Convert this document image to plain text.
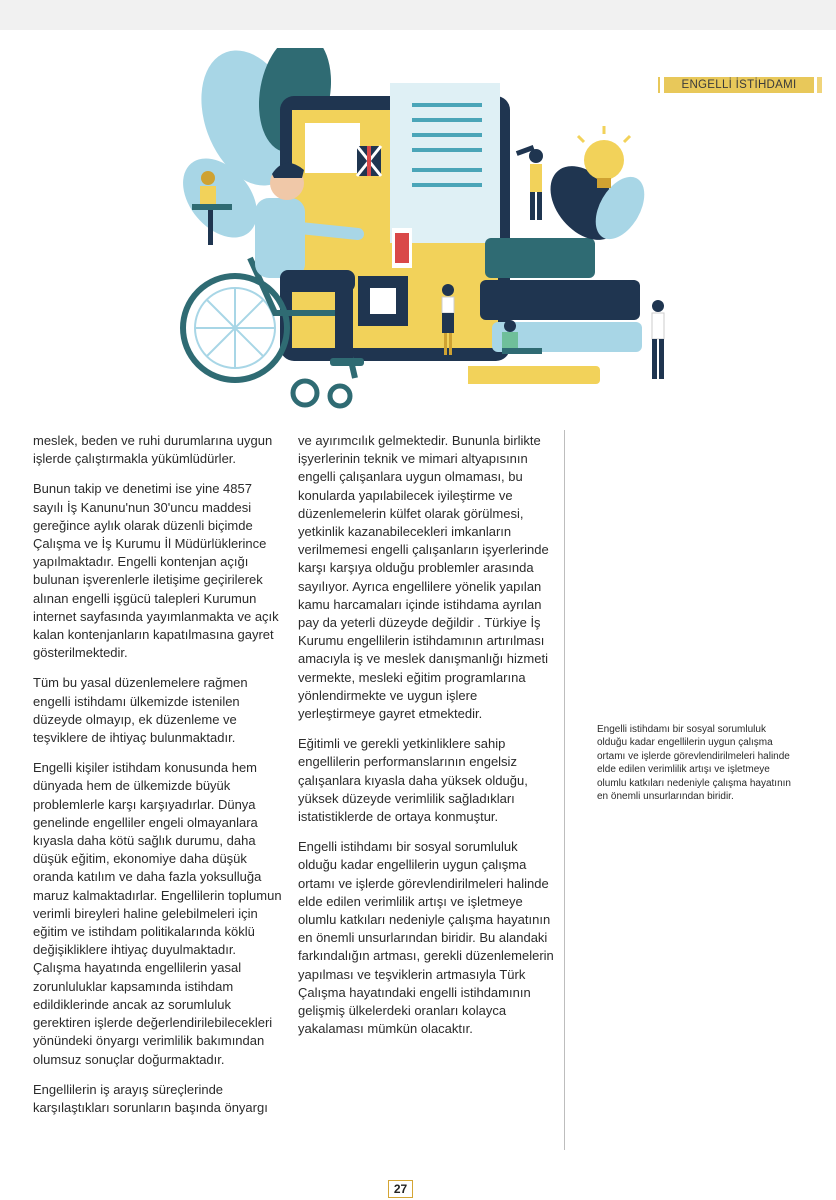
ENGELLİ İSTİHDAMI

meslek, beden ve ruhi durumlarına uygun işlerde çalıştırmakla yükümlüdürler.

Bunun takip ve denetimi ise yine 4857 sayılı İş Kanunu'nun 30'uncu maddesi gereğince aylık olarak düzenli biçimde Çalışma ve İş Kurumu İl Müdürlüklerince yapılmaktadır. Engelli kontenjan açığı bulunan işverenlerle iletişime geçirilerek alınan engelli işgücü talepleri Kurumun internet sayfasında yayımlanmakta ve açık kalan kontenjanların kapatılmasına gayret gösterilmektedir.

Tüm bu yasal düzenlemelere rağmen engelli istihdamı ülkemizde istenilen düzeyde olmayıp, ek düzenleme ve teşviklere de ihtiyaç bulunmaktadır.

Engelli kişiler istihdam konusunda hem dünyada hem de ülkemizde büyük problemlerle karşı karşıyadırlar. Dünya genelinde engelliler engeli olmayanlara kıyasla daha kötü sağlık durumu, daha düşük eğitim, ekonomiye daha düşük oranda katılım ve daha fazla yoksulluğa maruz kalmaktadırlar. Engellilerin toplumun verimli bireyleri haline gelebilmeleri için eğitim ve istihdam politikalarında köklü değişikliklere ihtiyaç duyulmaktadır. Çalışma hayatında engellilerin yasal zorunluluklar kapsamında istihdam edildiklerinde ancak az sorumluluk gerektiren işlerde değerlendirilebilecekleri yönündeki önyargı verimlilik bakımından olumsuz sonuçlar doğurmaktadır.

Engellilerin iş arayış süreçlerinde karşılaştıkları sorunların başında önyargı

ve ayırımcılık gelmektedir. Bununla birlikte işyerlerinin teknik ve mimari altyapısının engelli çalışanlara uygun olmaması, bu konularda yapılabilecek iyileştirme ve düzenlemelerin külfet olarak görülmesi, yetkinlik kazanabilecekleri imkanların verilmemesi engelli çalışanların işyerlerinde karşı karşıya olduğu problemler arasında sayılıyor. Ayrıca engellilere yönelik yapılan kamu harcamaları içinde istihdama ayrılan pay da yeterli düzeyde değildir . Türkiye İş Kurumu engellilerin istihdamının artırılması amacıyla iş ve meslek danışmanlığı hizmeti vermekte, mesleki eğitim programlarına yönlendirmekte ve uygun işlere yerleştirmeye gayret etmektedir.

Eğitimli ve gerekli yetkinliklere sahip engellilerin performanslarının engelsiz çalışanlara kıyasla daha yüksek olduğu, yüksek düzeyde verimlilik sağladıkları istatistiklerde de ortaya konmuştur.

Engelli istihdamı bir sosyal sorumluluk olduğu kadar engellilerin uygun çalışma ortamı ve işlerde görevlendirilmeleri halinde elde edilen verimlilik artışı ve işletmeye olumlu katkıları nedeniyle çalışma hayatının en önemli unsurlarından biridir. Bu alandaki farkındalığın artması, gerekli düzenlemelerin yapılması ve teşviklerin artmasıyla Türk Çalışma hayatındaki engelli istihdamının gelişmiş ülkelerdeki oranları kolayca yakalaması mümkün olacaktır.

Engelli istihdamı bir sosyal sorumluluk olduğu kadar engellilerin uygun çalışma ortamı ve işlerde görevlendirilmeleri halinde elde edilen verimlilik artışı ve işletmeye olumlu katkıları nedeniyle çalışma hayatının en önemli unsurlarından biridir.
27
